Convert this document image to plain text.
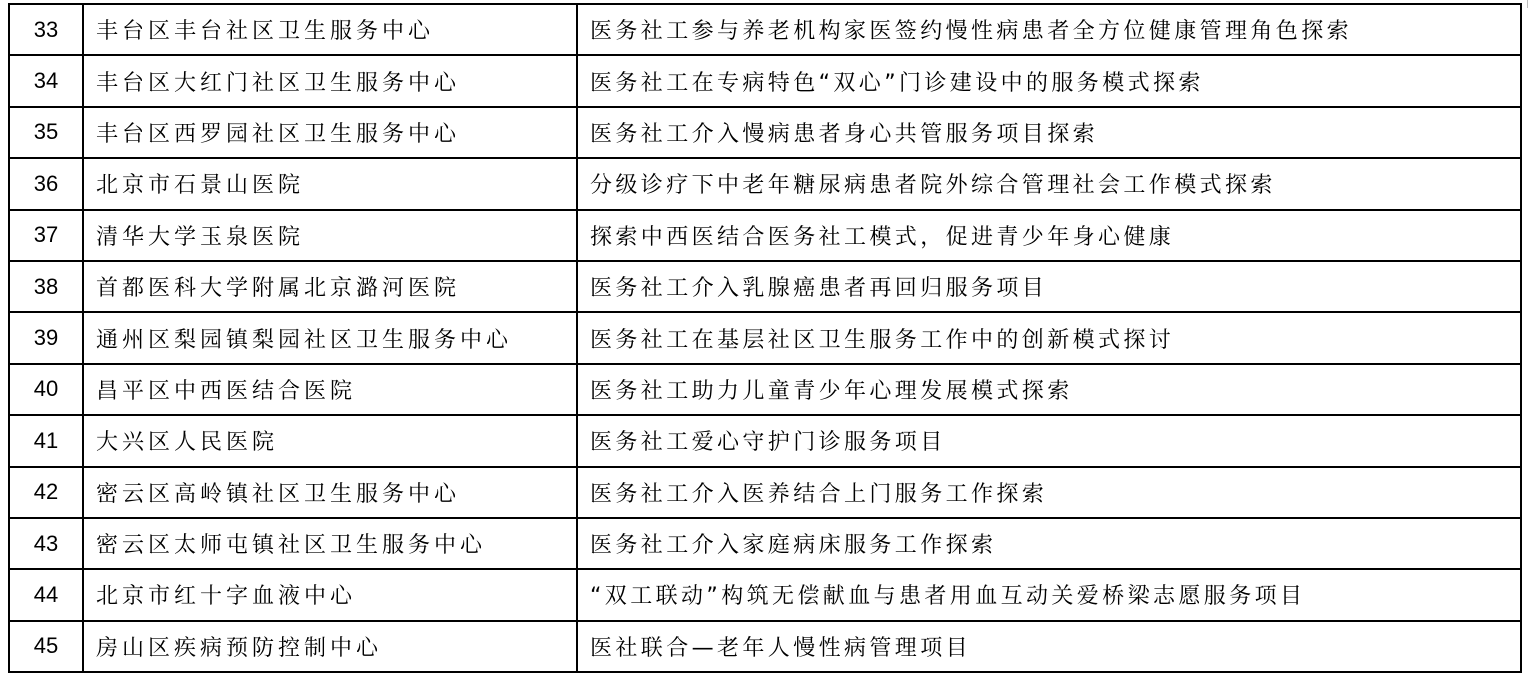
33	丰台区丰台社区卫生服务中心	医务社工参与养老机构家医签约慢性病患者全方位健康管理角色探索
34	丰台区大红门社区卫生服务中心	医务社工在专病特色“双心”门诊建设中的服务模式探索
35	丰台区西罗园社区卫生服务中心	医务社工介入慢病患者身心共管服务项目探索
36	北京市石景山医院	分级诊疗下中老年糖尿病患者院外综合管理社会工作模式探索
37	清华大学玉泉医院	探索中西医结合医务社工模式，促进青少年身心健康
38	首都医科大学附属北京潞河医院	医务社工介入乳腺癌患者再回归服务项目
39	通州区梨园镇梨园社区卫生服务中心	医务社工在基层社区卫生服务工作中的创新模式探讨
40	昌平区中西医结合医院	医务社工助力儿童青少年心理发展模式探索
41	大兴区人民医院	医务社工爱心守护门诊服务项目
42	密云区高岭镇社区卫生服务中心	医务社工介入医养结合上门服务工作探索
43	密云区太师屯镇社区卫生服务中心	医务社工介入家庭病床服务工作探索
44	北京市红十字血液中心	“双工联动”构筑无偿献血与患者用血互动关爱桥梁志愿服务项目
45	房山区疾病预防控制中心	医社联合—老年人慢性病管理项目
